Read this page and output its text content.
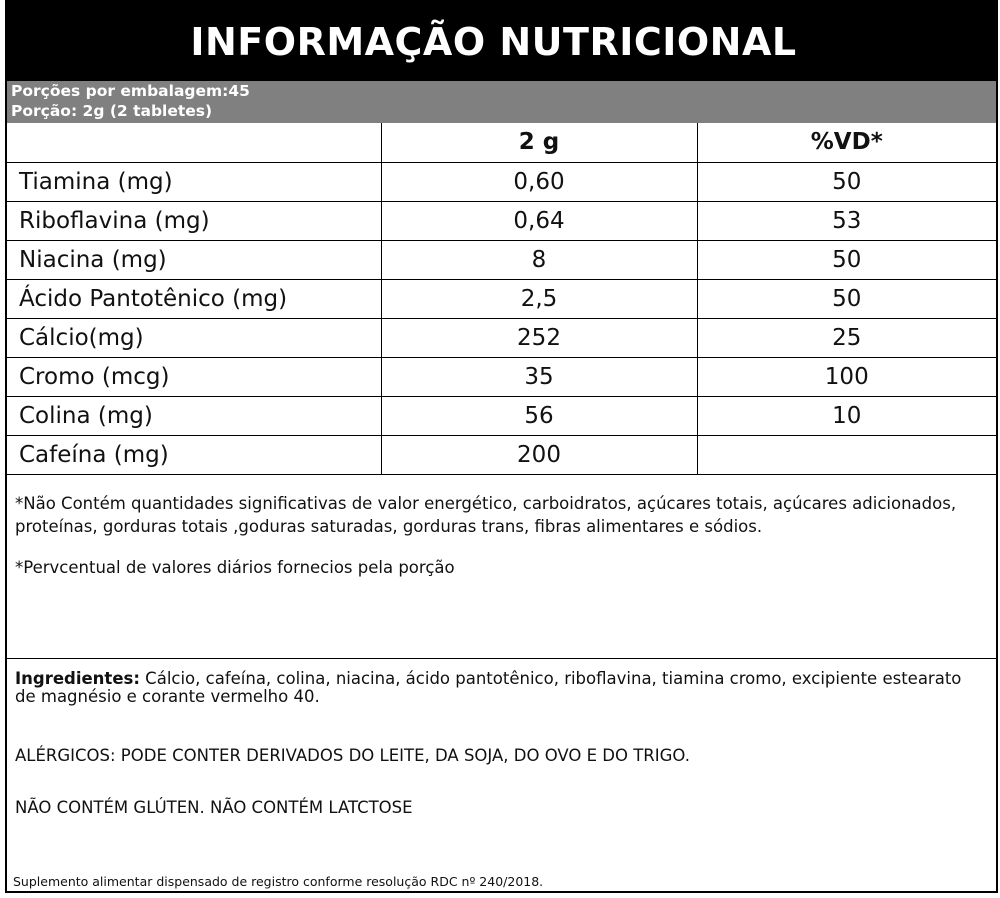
INFORMAÇÃO NUTRICIONAL
Porções por embalagem:45
Porção: 2g (2 tabletes)
	2 g	%VD*
Tiamina (mg)	0,60	50
Riboflavina (mg)	0,64	53
Niacina (mg)	8	50
Ácido Pantotênico (mg)	2,5	50
Cálcio(mg)	252	25
Cromo (mcg)	35	100
Colina (mg)	56	10
Cafeína (mg)	200	

*Não Contém quantidades significativas de valor energético, carboidratos, açúcares totais, açúcares adicionados, proteínas, gorduras totais ,goduras saturadas, gorduras trans, fibras alimentares e sódios.

*Pervcentual de valores diários fornecios pela porção

Ingredientes: Cálcio, cafeína, colina, niacina, ácido pantotênico, riboflavina, tiamina cromo, excipiente estearato de magnésio e corante vermelho 40.

ALÉRGICOS: PODE CONTER DERIVADOS DO LEITE, DA SOJA, DO OVO E DO TRIGO.

NÃO CONTÉM GLÚTEN. NÃO CONTÉM LATCTOSE

Suplemento alimentar dispensado de registro conforme resolução RDC nº 240/2018.
